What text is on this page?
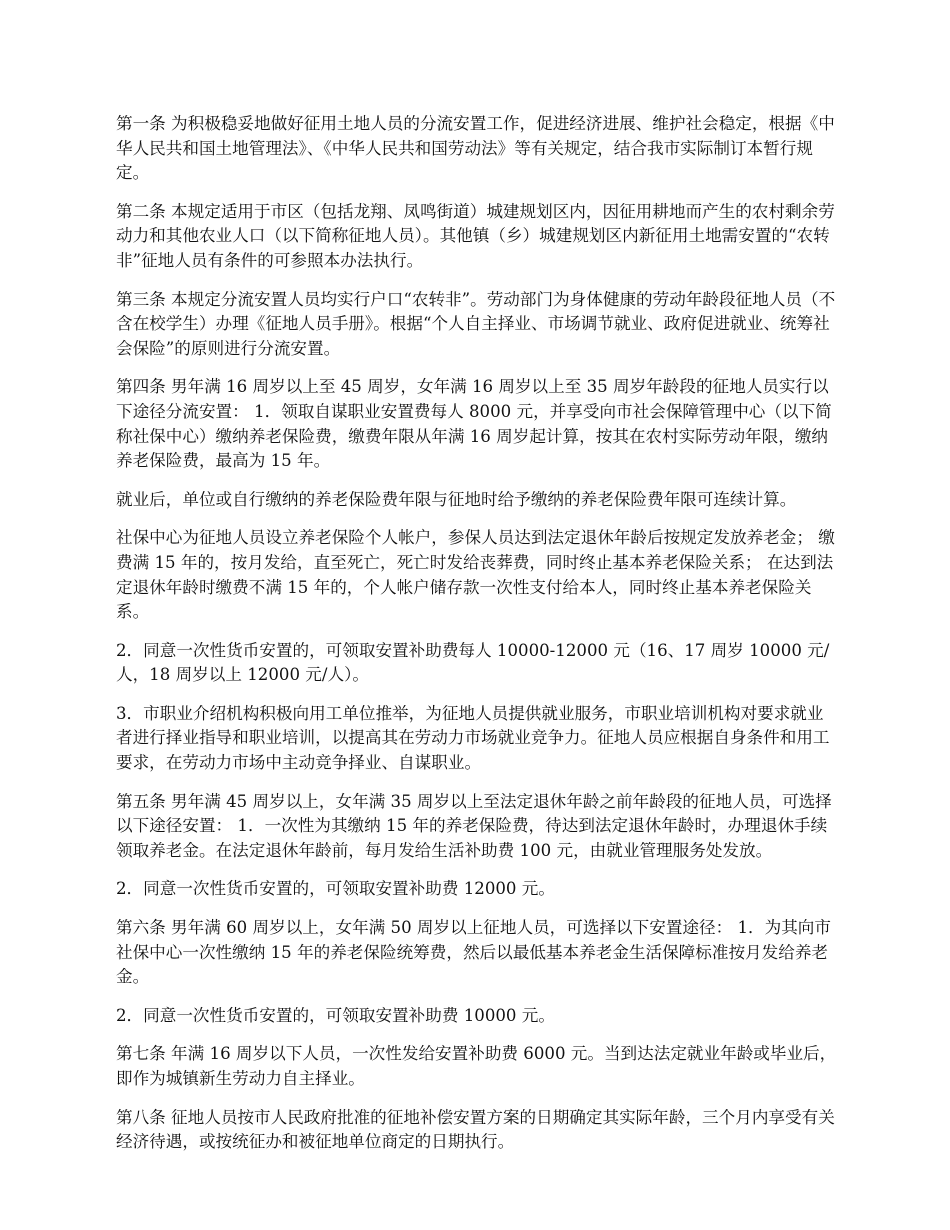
第一条 为积极稳妥地做好征用土地人员的分流安置工作，促进经济进展、维护社会稳定，根据《中华人民共和国土地管理法》、《中华人民共和国劳动法》等有关规定，结合我市实际制订本暂行规定。

第二条 本规定适用于市区（包括龙翔、凤鸣街道）城建规划区内，因征用耕地而产生的农村剩余劳动力和其他农业人口（以下简称征地人员）。其他镇（乡）城建规划区内新征用土地需安置的“农转非”征地人员有条件的可参照本办法执行。

第三条 本规定分流安置人员均实行户口“农转非”。劳动部门为身体健康的劳动年龄段征地人员（不含在校学生）办理《征地人员手册》。根据“个人自主择业、市场调节就业、政府促进就业、统筹社会保险”的原则进行分流安置。

第四条 男年满 16 周岁以上至 45 周岁，女年满 16 周岁以上至 35 周岁年龄段的征地人员实行以下途径分流安置： 1．领取自谋职业安置费每人 8000 元，并享受向市社会保障管理中心（以下简称社保中心）缴纳养老保险费，缴费年限从年满 16 周岁起计算，按其在农村实际劳动年限，缴纳养老保险费，最高为 15 年。

就业后，单位或自行缴纳的养老保险费年限与征地时给予缴纳的养老保险费年限可连续计算。

社保中心为征地人员设立养老保险个人帐户，参保人员达到法定退休年龄后按规定发放养老金； 缴费满 15 年的，按月发给，直至死亡，死亡时发给丧葬费，同时终止基本养老保险关系； 在达到法定退休年龄时缴费不满 15 年的，个人帐户储存款一次性支付给本人，同时终止基本养老保险关系。

2．同意一次性货币安置的，可领取安置补助费每人 10000-12000 元（16、17 周岁 10000 元/人，18 周岁以上 12000 元/人）。

3．市职业介绍机构积极向用工单位推举，为征地人员提供就业服务，市职业培训机构对要求就业者进行择业指导和职业培训，以提高其在劳动力市场就业竞争力。征地人员应根据自身条件和用工要求，在劳动力市场中主动竞争择业、自谋职业。

第五条 男年满 45 周岁以上，女年满 35 周岁以上至法定退休年龄之前年龄段的征地人员，可选择以下途径安置： 1．一次性为其缴纳 15 年的养老保险费，待达到法定退休年龄时，办理退休手续领取养老金。在法定退休年龄前，每月发给生活补助费 100 元，由就业管理服务处发放。

2．同意一次性货币安置的，可领取安置补助费 12000 元。

第六条 男年满 60 周岁以上，女年满 50 周岁以上征地人员，可选择以下安置途径： 1．为其向市社保中心一次性缴纳 15 年的养老保险统筹费，然后以最低基本养老金生活保障标准按月发给养老金。

2．同意一次性货币安置的，可领取安置补助费 10000 元。

第七条 年满 16 周岁以下人员，一次性发给安置补助费 6000 元。当到达法定就业年龄或毕业后，即作为城镇新生劳动力自主择业。

第八条 征地人员按市人民政府批准的征地补偿安置方案的日期确定其实际年龄，三个月内享受有关经济待遇，或按统征办和被征地单位商定的日期执行。
